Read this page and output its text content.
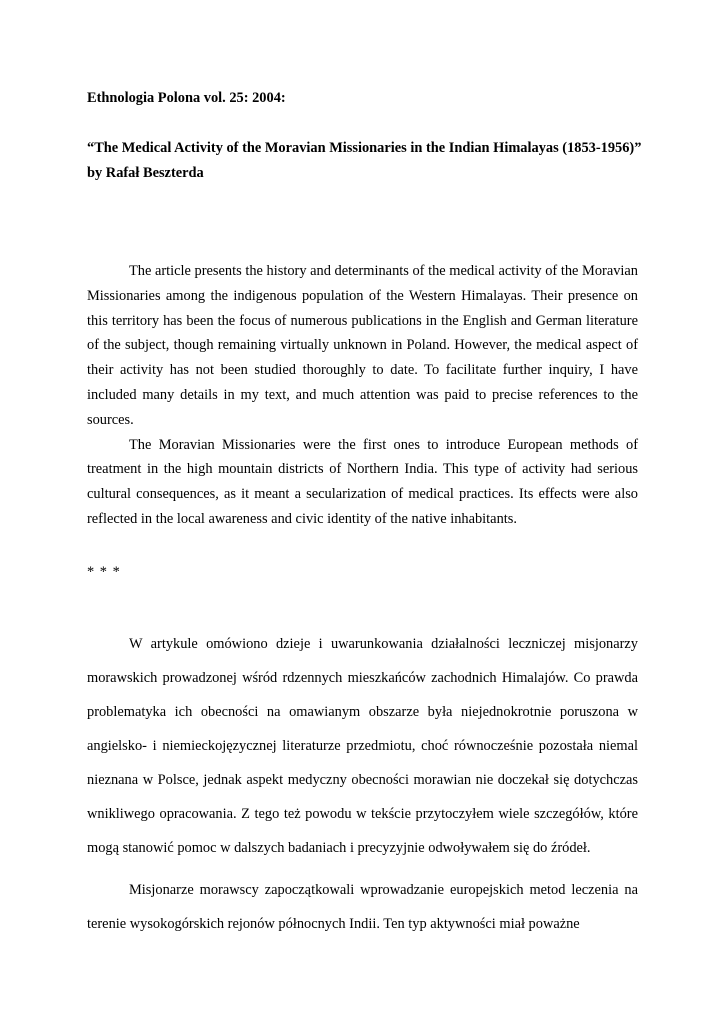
Ethnologia Polona vol. 25: 2004:

“The Medical Activity of the Moravian Missionaries in the Indian Himalayas (1853-1956)”
by Rafał Beszterda

The article presents the history and determinants of the medical activity of the Moravian Missionaries among the indigenous population of the Western Himalayas. Their presence on this territory has been the focus of numerous publications in the English and German literature of the subject, though remaining virtually unknown in Poland. However, the medical aspect of their activity has not been studied thoroughly to date. To facilitate further inquiry, I have included many details in my text, and much attention was paid to precise references to the sources.

The Moravian Missionaries were the first ones to introduce European methods of treatment in the high mountain districts of Northern India. This type of activity had serious cultural consequences, as it meant a secularization of medical practices. Its effects were also reflected in the local awareness and civic identity of the native inhabitants.

* * *

W artykule omówiono dzieje i uwarunkowania działalności leczniczej misjonarzy morawskich prowadzonej wśród rdzennych mieszkańców zachodnich Himalajów. Co prawda problematyka ich obecności na omawianym obszarze była niejednokrotnie poruszona w angielsko- i niemieckojęzycznej literaturze przedmiotu, choć równocześnie pozostała niemal nieznana w Polsce, jednak aspekt medyczny obecności morawian nie doczekał się dotychczas wnikliwego opracowania. Z tego też powodu w tekście przytoczyłem wiele szczegółów, które mogą stanowić pomoc w dalszych badaniach i precyzyjnie odwoływałem się do źródeł.

Misjonarze morawscy zapoczątkowali wprowadzanie europejskich metod leczenia na terenie wysokogórskich rejonów północnych Indii. Ten typ aktywności miał poważne
